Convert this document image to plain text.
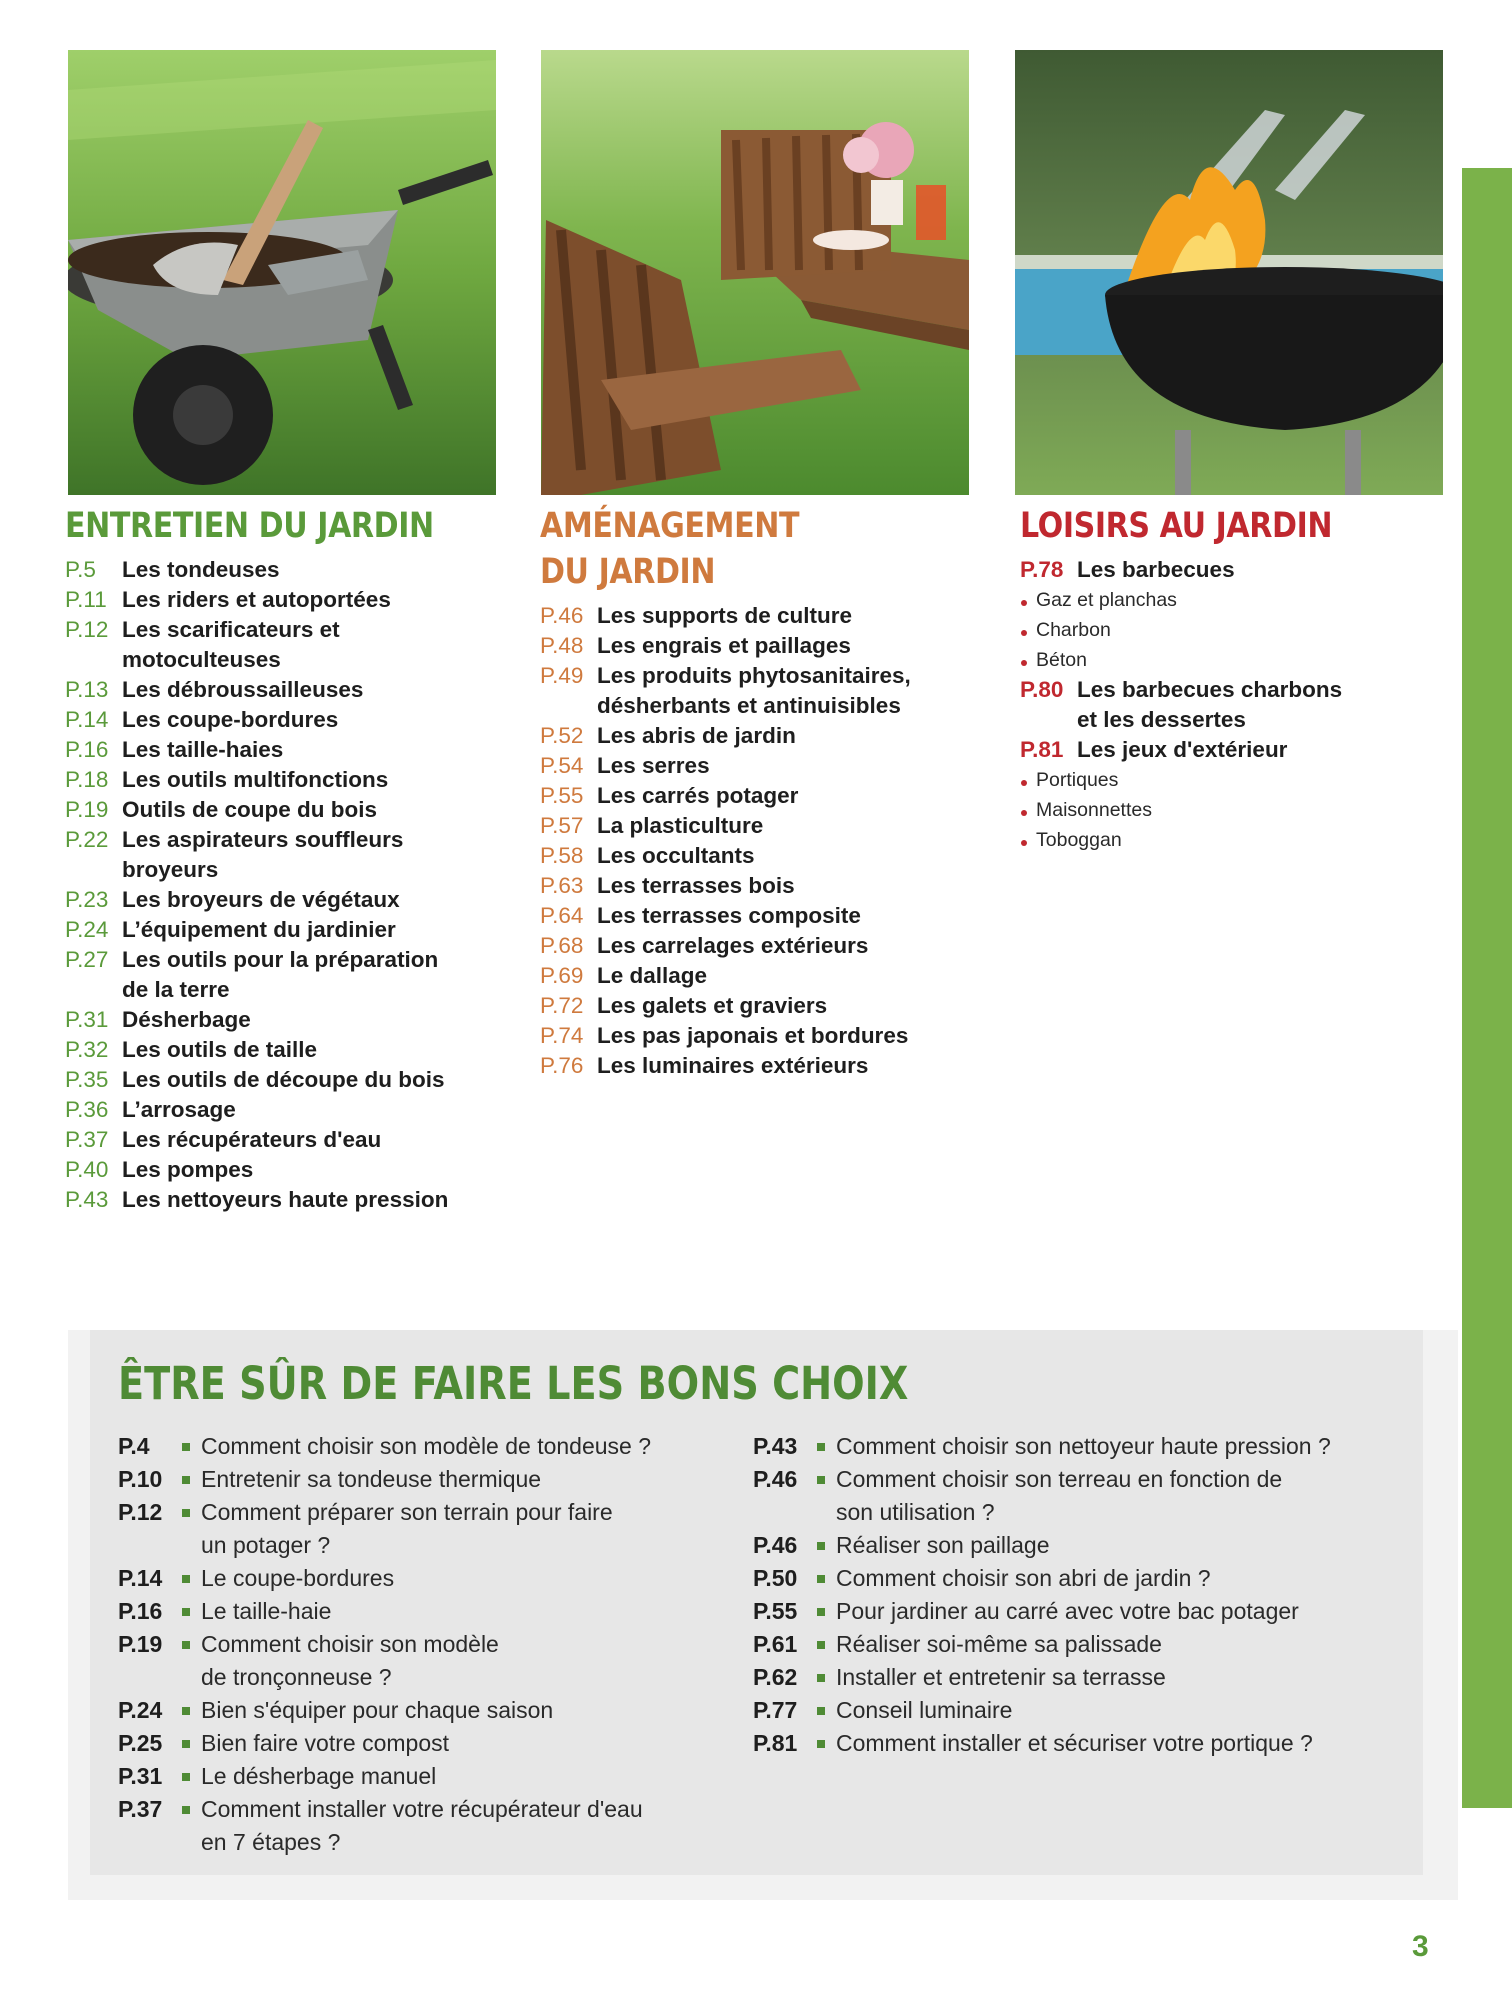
ENTRETIEN DU JARDIN
P.5 Les tondeuses
P.11 Les riders et autoportées
P.12 Les scarificateurs et
motoculteuses
P.13 Les débroussailleuses
P.14 Les coupe-bordures
P.16 Les taille-haies
P.18 Les outils multifonctions
P.19 Outils de coupe du bois
P.22 Les aspirateurs souffleurs
broyeurs
P.23 Les broyeurs de végétaux
P.24 L’équipement du jardinier
P.27 Les outils pour la préparation
de la terre
P.31 Désherbage
P.32 Les outils de taille
P.35 Les outils de découpe du bois
P.36 L’arrosage
P.37 Les récupérateurs d'eau
P.40 Les pompes
P.43 Les nettoyeurs haute pression
AMÉNAGEMENT
DU JARDIN
P.46 Les supports de culture
P.48 Les engrais et paillages
P.49 Les produits phytosanitaires,
désherbants et antinuisibles
P.52 Les abris de jardin
P.54 Les serres
P.55 Les carrés potager
P.57 La plasticulture
P.58 Les occultants
P.63 Les terrasses bois
P.64 Les terrasses composite
P.68 Les carrelages extérieurs
P.69 Le dallage
P.72 Les galets et graviers
P.74 Les pas japonais et bordures
P.76 Les luminaires extérieurs
LOISIRS AU JARDIN
P.78 Les barbecues
Gaz et planchas
Charbon
Béton
P.80 Les barbecues charbons
et les dessertes
P.81 Les jeux d'extérieur
Portiques
Maisonnettes
Toboggan
ÊTRE SÛR DE FAIRE LES BONS CHOIX
P.4 Comment choisir son modèle de tondeuse ?
P.10 Entretenir sa tondeuse thermique
P.12 Comment préparer son terrain pour faire
un potager ?
P.14 Le coupe-bordures
P.16 Le taille-haie
P.19 Comment choisir son modèle
de tronçonneuse ?
P.24 Bien s'équiper pour chaque saison
P.25 Bien faire votre compost
P.31 Le désherbage manuel
P.37 Comment installer votre récupérateur d'eau
en 7 étapes ?
P.43 Comment choisir son nettoyeur haute pression ?
P.46 Comment choisir son terreau en fonction de
son utilisation ?
P.46 Réaliser son paillage
P.50 Comment choisir son abri de jardin ?
P.55 Pour jardiner au carré avec votre bac potager
P.61 Réaliser soi-même sa palissade
P.62 Installer et entretenir sa terrasse
P.77 Conseil luminaire
P.81 Comment installer et sécuriser votre portique ?
3
